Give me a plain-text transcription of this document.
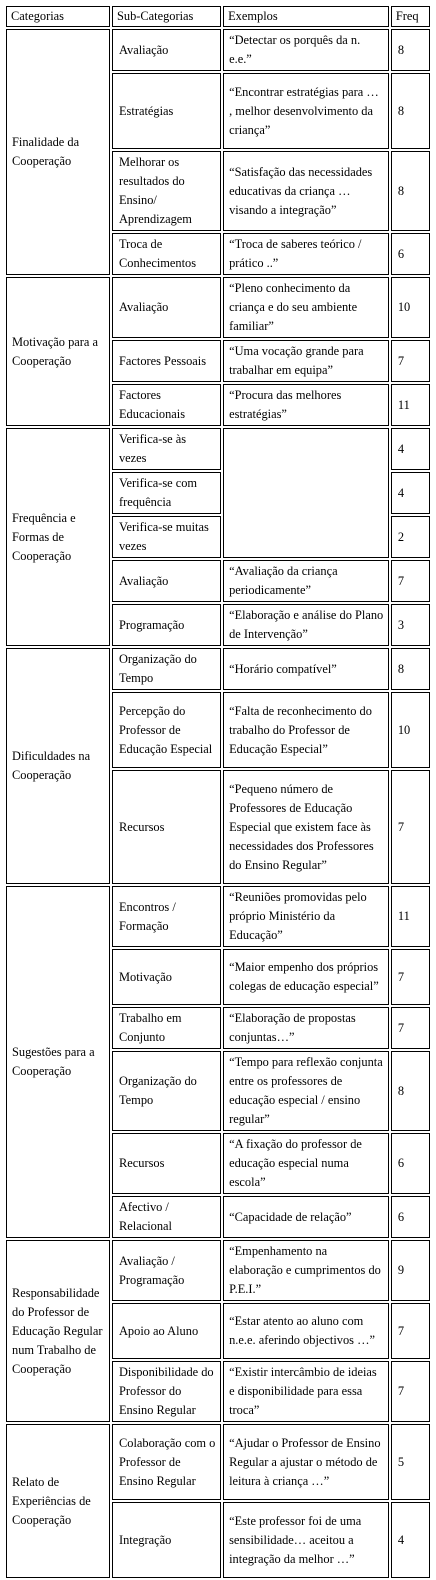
Categorias	Sub-Categorias	Exemplos	Freq
Finalidade da Cooperação	Avaliação	“Detectar os porquês da n. e.e.”	8
	Estratégias	“Encontrar estratégias para … , melhor desenvolvimento da criança”	8
	Melhorar os resultados do Ensino/ Aprendizagem	“Satisfação das necessidades educativas da criança … visando a integração”	8
	Troca de Conhecimentos	“Troca de saberes teórico / prático ..”	6
Motivação para a Cooperação	Avaliação	“Pleno conhecimento da criança e do seu ambiente familiar”	10
	Factores Pessoais	“Uma vocação grande para trabalhar em equipa”	7
	Factores Educacionais	“Procura das melhores estratégias”	11
Frequência e Formas de Cooperação	Verifica-se às vezes		4
	Verifica-se com frequência		4
	Verifica-se muitas vezes		2
	Avaliação	“Avaliação da criança periodicamente”	7
	Programação	“Elaboração e análise do Plano de Intervenção”	3
Dificuldades na Cooperação	Organização do Tempo	“Horário compatível”	8
	Percepção do Professor de Educação Especial	“Falta de reconhecimento do trabalho do Professor de Educação Especial”	10
	Recursos	“Pequeno número de Professores de Educação Especial que existem face às necessidades dos Professores do Ensino Regular”	7
Sugestões para a Cooperação	Encontros / Formação	“Reuniões promovidas pelo próprio Ministério da Educação”	11
	Motivação	“Maior empenho dos próprios colegas de educação especial”	7
	Trabalho em Conjunto	“Elaboração de propostas conjuntas…”	7
	Organização do Tempo	“Tempo para reflexão conjunta entre os professores de educação especial / ensino regular”	8
	Recursos	“A fixação do professor de educação especial numa escola”	6
	Afectivo / Relacional	“Capacidade de relação”	6
Responsabilidade do Professor de Educação Regular num Trabalho de Cooperação	Avaliação / Programação	“Empenhamento na elaboração e cumprimentos do P.E.I.”	9
	Apoio ao Aluno	“Estar atento ao aluno com n.e.e. aferindo objectivos …”	7
	Disponibilidade do Professor do Ensino Regular	“Existir intercâmbio de ideias e disponibilidade para essa troca”	7
Relato de Experiências de Cooperação	Colaboração com o Professor de Ensino Regular	“Ajudar o Professor de Ensino Regular a ajustar o método de leitura à criança …”	5
	Integração	“Este professor foi de uma sensibilidade… aceitou a integração da melhor …”	4
